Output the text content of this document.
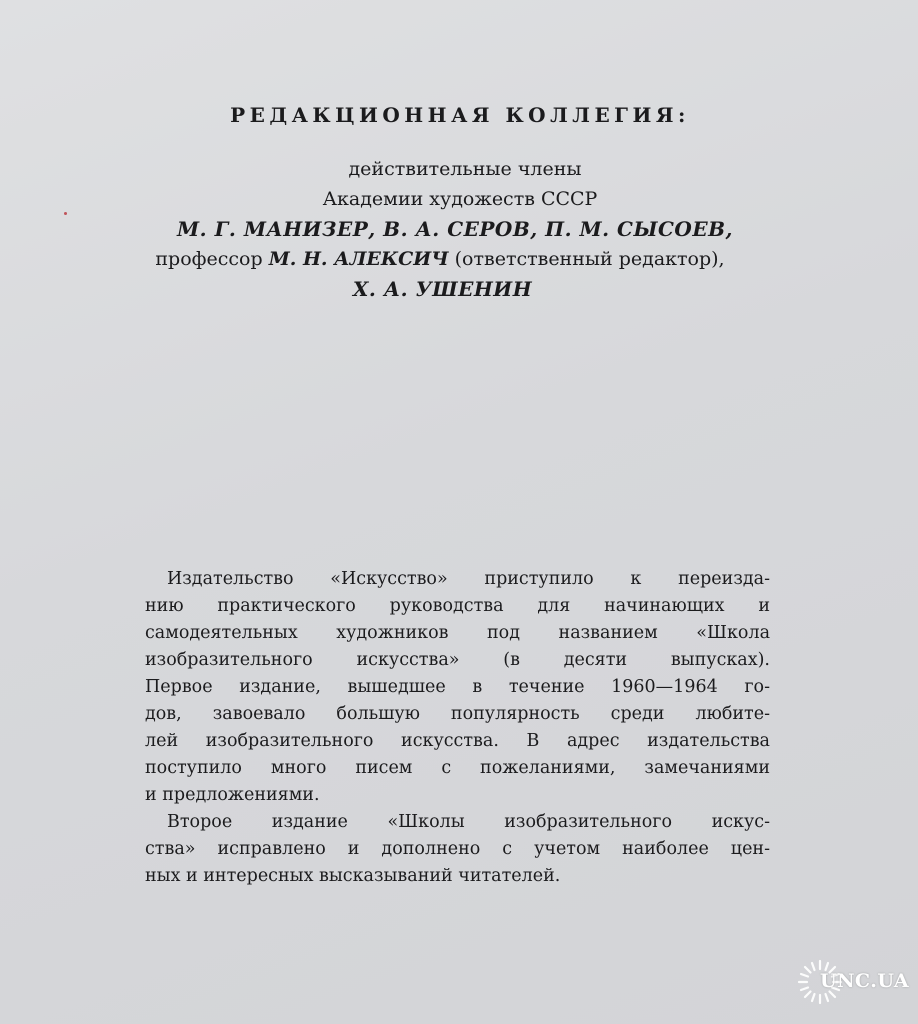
РЕДАКЦИОННАЯ КОЛЛЕГИЯ:

действительные члены

Академии художеств СССР

М. Г. МАНИЗЕР, В. А. СЕРОВ, П. М. СЫСОЕВ,

профессор М. Н. АЛЕКСИЧ (ответственный редактор),

Х. А. УШЕНИН

Издательство «Искусство» приступило к переизда-
нию практического руководства для начинающих и
самодеятельных художников под названием «Школа
изобразительного искусства» (в десяти выпусках).
Первое издание, вышедшее в течение 1960—1964 го-
дов, завоевало большую популярность среди любите-
лей изобразительного искусства. В адрес издательства
поступило много писем с пожеланиями, замечаниями
и предложениями.

Второе издание «Школы изобразительного искус-
ства» исправлено и дополнено с учетом наиболее цен-
ных и интересных высказываний читателей.

UNC.UA
